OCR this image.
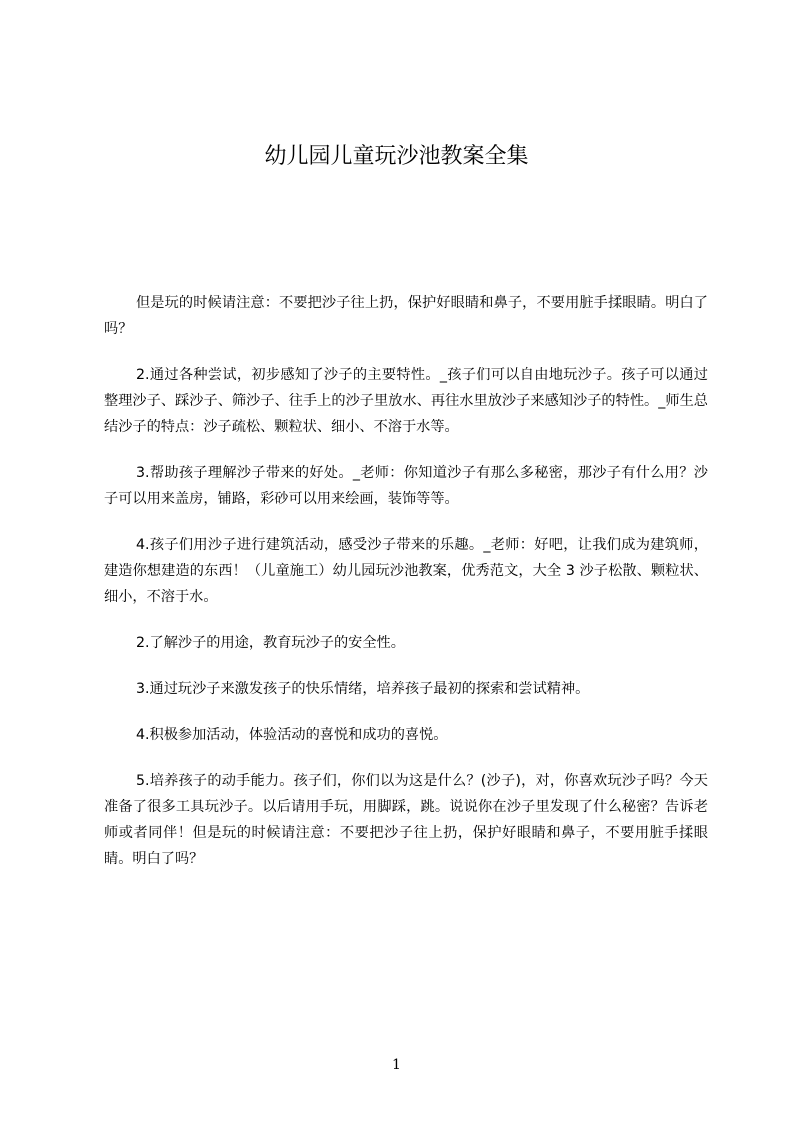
幼儿园儿童玩沙池教案全集

但是玩的时候请注意：不要把沙子往上扔，保护好眼睛和鼻子，不要用脏手揉眼睛。明白了吗？

2.通过各种尝试，初步感知了沙子的主要特性。_孩子们可以自由地玩沙子。孩子可以通过整理沙子、踩沙子、筛沙子、往手上的沙子里放水、再往水里放沙子来感知沙子的特性。_师生总结沙子的特点：沙子疏松、颗粒状、细小、不溶于水等。

3.帮助孩子理解沙子带来的好处。_老师：你知道沙子有那么多秘密，那沙子有什么用？沙子可以用来盖房，铺路，彩砂可以用来绘画，装饰等等。

4.孩子们用沙子进行建筑活动，感受沙子带来的乐趣。_老师：好吧，让我们成为建筑师，建造你想建造的东西！（儿童施工）幼儿园玩沙池教案，优秀范文，大全 3 沙子松散、颗粒状、细小，不溶于水。

2.了解沙子的用途，教育玩沙子的安全性。

3.通过玩沙子来激发孩子的快乐情绪，培养孩子最初的探索和尝试精神。

4.积极参加活动，体验活动的喜悦和成功的喜悦。

5.培养孩子的动手能力。孩子们，你们以为这是什么？(沙子)，对，你喜欢玩沙子吗？今天准备了很多工具玩沙子。以后请用手玩，用脚踩，跳。说说你在沙子里发现了什么秘密？告诉老师或者同伴！但是玩的时候请注意：不要把沙子往上扔，保护好眼睛和鼻子，不要用脏手揉眼睛。明白了吗？

1
